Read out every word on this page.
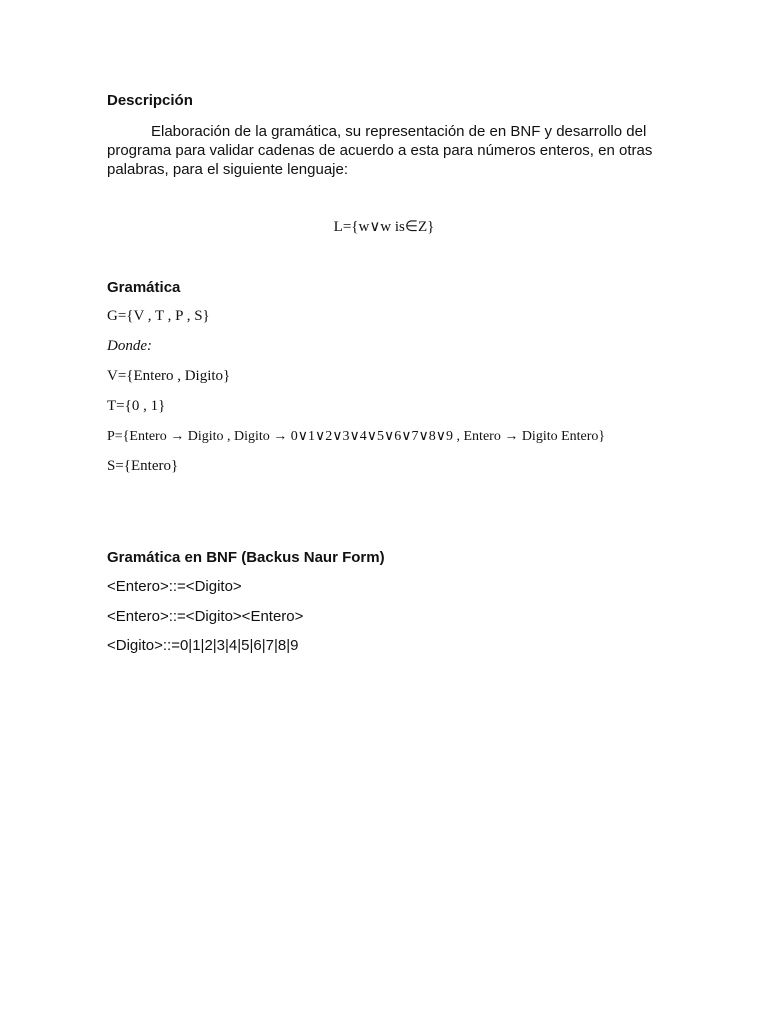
Descripción
Elaboración de la gramática, su representación de en BNF y desarrollo del
programa para validar cadenas de acuerdo a esta para números enteros, en otras
palabras, para el siguiente lenguaje:
L={w∨w is∈Z}
Gramática
G={V , T , P , S}
Donde:
V={Entero , Digito}
T={0 , 1}
P={Entero → Digito , Digito → 0∨1∨2∨3∨4∨5∨6∨7∨8∨9 , Entero → Digito Entero}
S={Entero}
Gramática en BNF (Backus Naur Form)
<Entero>::=<Digito>
<Entero>::=<Digito><Entero>
<Digito>::=0|1|2|3|4|5|6|7|8|9
